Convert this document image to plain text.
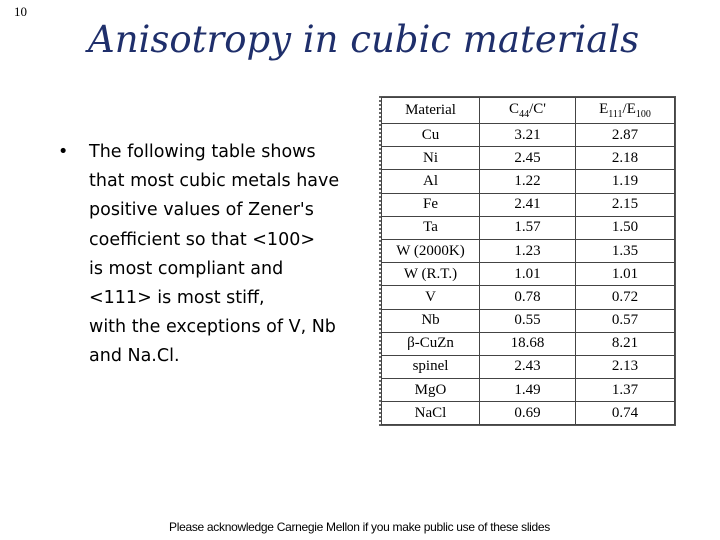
10
Anisotropy in cubic materials
• The following table shows
that most cubic metals have
positive values of Zener's
coefficient so that <100>
is most compliant and
<111> is most stiff,
with the exceptions of V, Nb
and Na.Cl.
Material	$C_{44}/C'$	$E_{111}/E_{100}$
Cu	3.21	2.87
Ni	2.45	2.18
Al	1.22	1.19
Fe	2.41	2.15
Ta	1.57	1.50
W (2000K)	1.23	1.35
W (R.T.)	1.01	1.01
V	0.78	0.72
Nb	0.55	0.57
β-CuZn	18.68	8.21
spinel	2.43	2.13
MgO	1.49	1.37
NaCl	0.69	0.74
Please acknowledge Carnegie Mellon if you make public use of these slides
